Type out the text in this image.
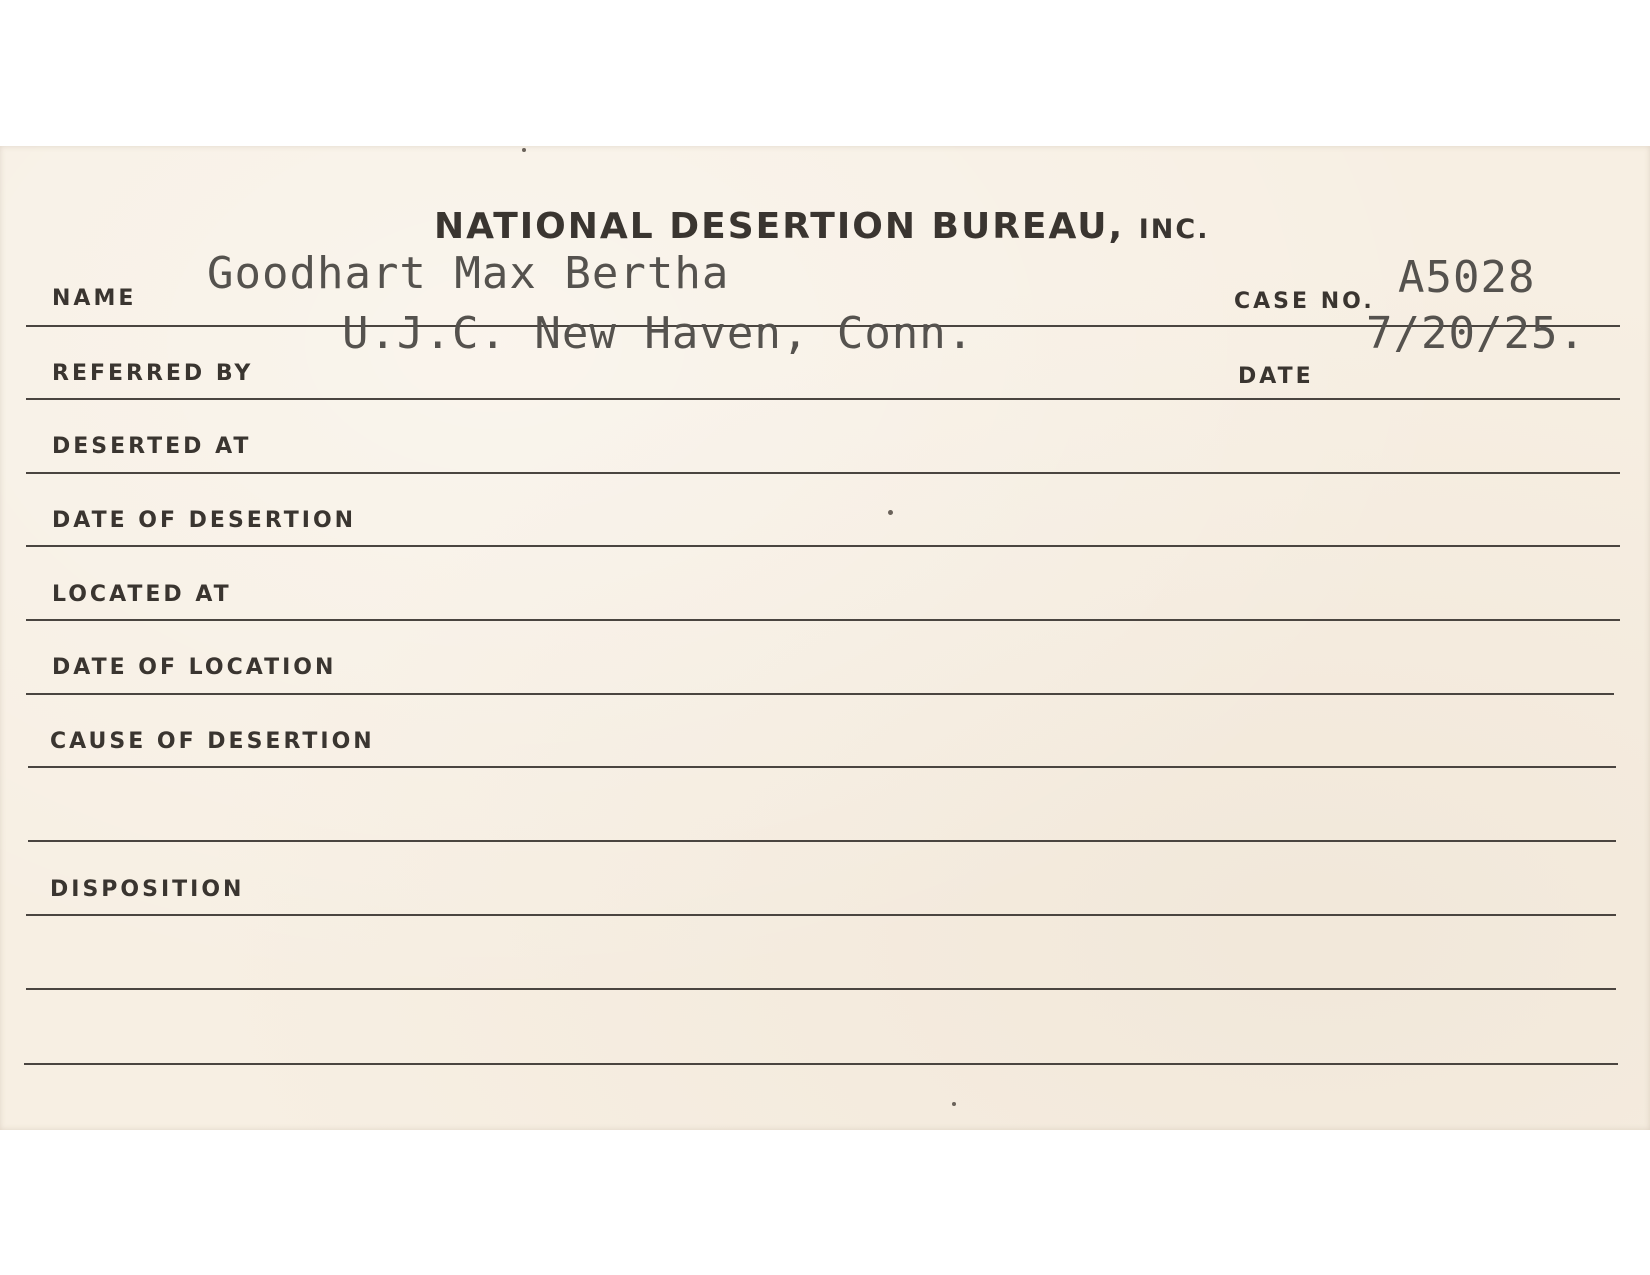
NATIONAL DESERTION BUREAU, INC.
NAME Goodhart Max Bertha
CASE NO. A5028
U.J.C. New Haven, Conn.	7/20/25.
REFERRED BY	DATE
DESERTED AT
DATE OF DESERTION
LOCATED AT
DATE OF LOCATION
CAUSE OF DESERTION
DISPOSITION
